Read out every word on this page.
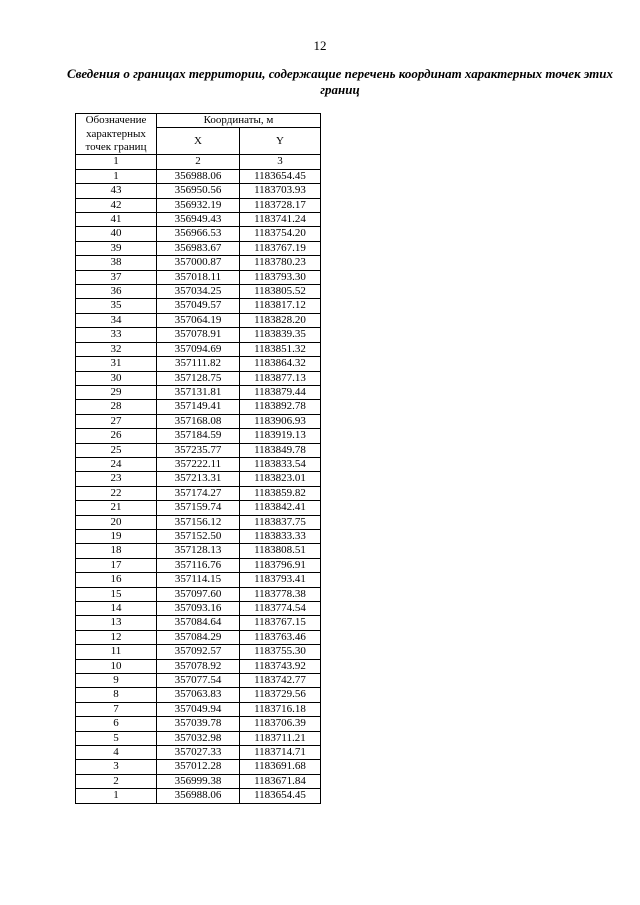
12
Сведения о границах территории, содержащие перечень координат характерных точек этих границ
Обозначение характерных точек границ	Координаты, м	
	X	Y
1	2	3
1	356988.06	1183654.45
43	356950.56	1183703.93
42	356932.19	1183728.17
41	356949.43	1183741.24
40	356966.53	1183754.20
39	356983.67	1183767.19
38	357000.87	1183780.23
37	357018.11	1183793.30
36	357034.25	1183805.52
35	357049.57	1183817.12
34	357064.19	1183828.20
33	357078.91	1183839.35
32	357094.69	1183851.32
31	357111.82	1183864.32
30	357128.75	1183877.13
29	357131.81	1183879.44
28	357149.41	1183892.78
27	357168.08	1183906.93
26	357184.59	1183919.13
25	357235.77	1183849.78
24	357222.11	1183833.54
23	357213.31	1183823.01
22	357174.27	1183859.82
21	357159.74	1183842.41
20	357156.12	1183837.75
19	357152.50	1183833.33
18	357128.13	1183808.51
17	357116.76	1183796.91
16	357114.15	1183793.41
15	357097.60	1183778.38
14	357093.16	1183774.54
13	357084.64	1183767.15
12	357084.29	1183763.46
11	357092.57	1183755.30
10	357078.92	1183743.92
9	357077.54	1183742.77
8	357063.83	1183729.56
7	357049.94	1183716.18
6	357039.78	1183706.39
5	357032.98	1183711.21
4	357027.33	1183714.71
3	357012.28	1183691.68
2	356999.38	1183671.84
1	356988.06	1183654.45
